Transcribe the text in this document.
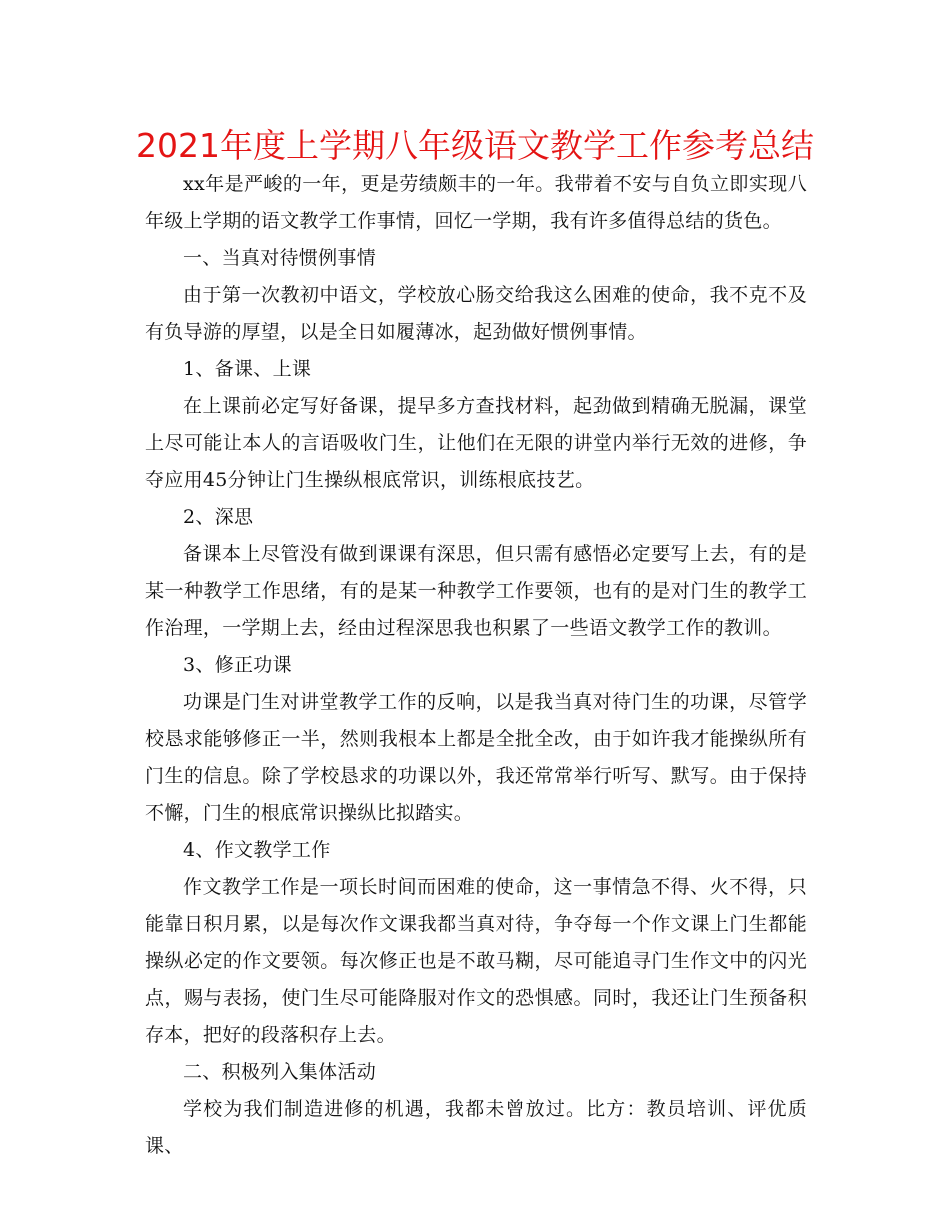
2021年度上学期八年级语文教学工作参考总结

xx年是严峻的一年，更是劳绩颇丰的一年。我带着不安与自负立即实现八年级上学期的语文教学工作事情，回忆一学期，我有许多值得总结的货色。

一、当真对待惯例事情

由于第一次教初中语文，学校放心肠交给我这么困难的使命，我不克不及有负导游的厚望，以是全日如履薄冰，起劲做好惯例事情。

1、备课、上课

在上课前必定写好备课，提早多方查找材料，起劲做到精确无脱漏，课堂上尽可能让本人的言语吸收门生，让他们在无限的讲堂内举行无效的进修，争夺应用45分钟让门生操纵根底常识，训练根底技艺。

2、深思

备课本上尽管没有做到课课有深思，但只需有感悟必定要写上去，有的是某一种教学工作思绪，有的是某一种教学工作要领，也有的是对门生的教学工作治理，一学期上去，经由过程深思我也积累了一些语文教学工作的教训。

3、修正功课

功课是门生对讲堂教学工作的反响，以是我当真对待门生的功课，尽管学校恳求能够修正一半，然则我根本上都是全批全改，由于如许我才能操纵所有门生的信息。除了学校恳求的功课以外，我还常常举行听写、默写。由于保持不懈，门生的根底常识操纵比拟踏实。

4、作文教学工作

作文教学工作是一项长时间而困难的使命，这一事情急不得、火不得，只能靠日积月累，以是每次作文课我都当真对待，争夺每一个作文课上门生都能操纵必定的作文要领。每次修正也是不敢马糊，尽可能追寻门生作文中的闪光点，赐与表扬，使门生尽可能降服对作文的恐惧感。同时，我还让门生预备积存本，把好的段落积存上去。

二、积极列入集体活动

学校为我们制造进修的机遇，我都未曾放过。比方：教员培训、评优质课、
